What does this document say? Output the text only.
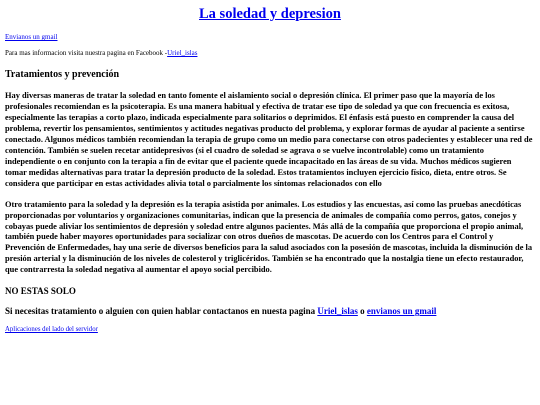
La soledad y depresion
Envianos un gmail
Para mas informacion visita nuestra pagina en Facebook -Uriel_islas
Tratamientos y prevención

Hay diversas maneras de tratar la soledad en tanto fomente el aislamiento social o depresión clínica. El primer paso que la mayoría de los profesionales recomiendan es la psicoterapia. Es una manera habitual y efectiva de tratar ese tipo de soledad ya que con frecuencia es exitosa, especialmente las terapias a corto plazo, indicada especialmente para solitarios o deprimidos. El énfasis está puesto en comprender la causa del problema, revertir los pensamientos, sentimientos y actitudes negativas producto del problema, y explorar formas de ayudar al paciente a sentirse conectado. Algunos médicos también recomiendan la terapia de grupo como un medio para conectarse con otros padecientes y establecer una red de contención. También se suelen recetar antidepresivos (si el cuadro de soledad se agrava o se vuelve incontrolable) como un tratamiento independiente o en conjunto con la terapia a fin de evitar que el paciente quede incapacitado en las áreas de su vida. Muchos médicos sugieren tomar medidas alternativas para tratar la depresión producto de la soledad. Estos tratamientos incluyen ejercicio físico, dieta, entre otros. Se considera que participar en estas actividades alivia total o parcialmente los síntomas relacionados con ello

Otro tratamiento para la soledad y la depresión es la terapia asistida por animales. Los estudios y las encuestas, así como las pruebas anecdóticas proporcionadas por voluntarios y organizaciones comunitarias, indican que la presencia de animales de compañía como perros, gatos, conejos y cobayas puede aliviar los sentimientos de depresión y soledad entre algunos pacientes. Más allá de la compañía que proporciona el propio animal, también puede haber mayores oportunidades para socializar con otros dueños de mascotas. De acuerdo con los Centros para el Control y Prevención de Enfermedades, hay una serie de diversos beneficios para la salud asociados con la posesión de mascotas, incluida la disminución de la presión arterial y la disminución de los niveles de colesterol y triglicéridos. También se ha encontrado que la nostalgia tiene un efecto restaurador, que contrarresta la soledad negativa al aumentar el apoyo social percibido.

NO ESTAS SOLO
Si necesitas tratamiento o alguien con quien hablar contactanos en nuesta pagina Uriel_islas o envianos un gmail
Aplicaciones del lado del servidor
